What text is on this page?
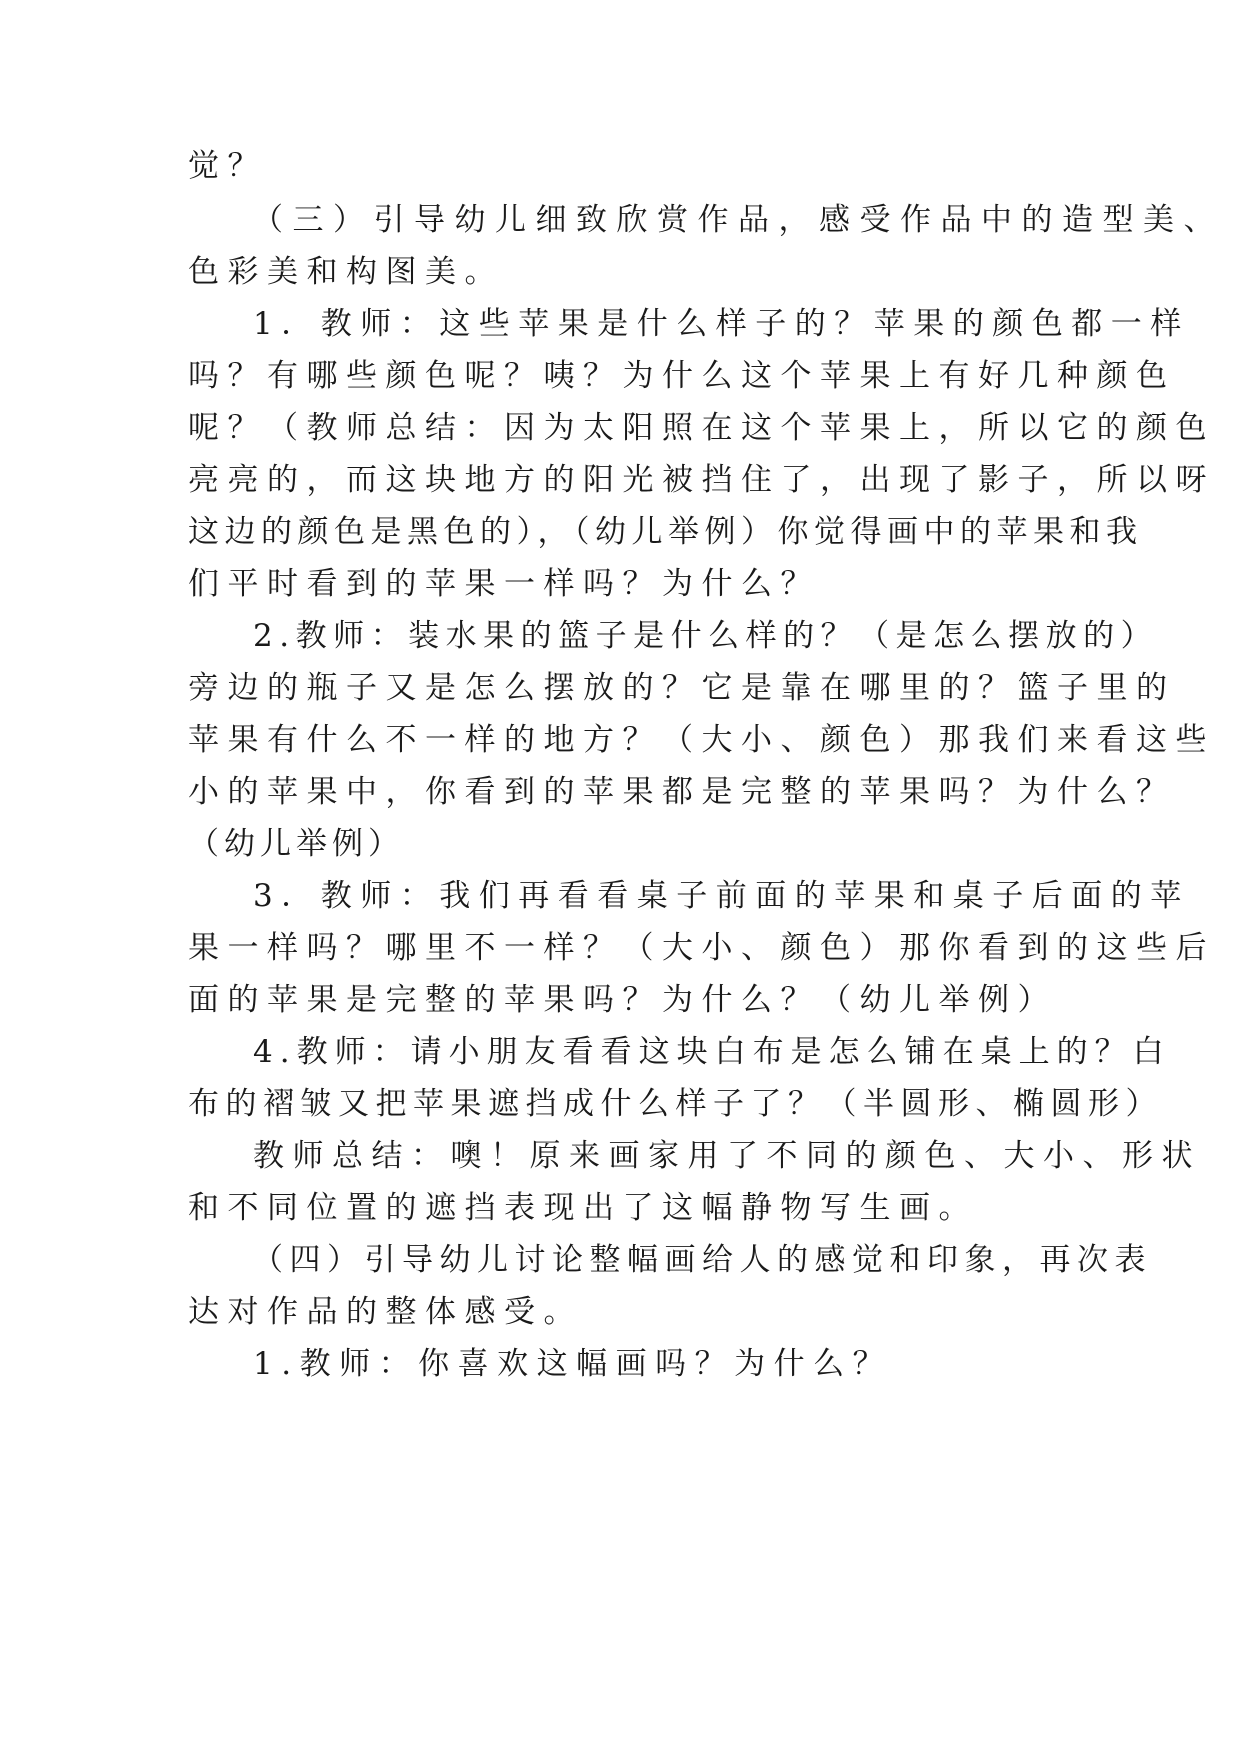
觉？
（三）引导幼儿细致欣赏作品，感受作品中的造型美、
色彩美和构图美。
1．教师：这些苹果是什么样子的？苹果的颜色都一样
吗？有哪些颜色呢？咦？为什么这个苹果上有好几种颜色
呢？（教师总结：因为太阳照在这个苹果上，所以它的颜色
亮亮的，而这块地方的阳光被挡住了，出现了影子，所以呀
这边的颜色是黑色的），（幼儿举例）你觉得画中的苹果和我
们平时看到的苹果一样吗？为什么？
2.教师：装水果的篮子是什么样的？（是怎么摆放的）
旁边的瓶子又是怎么摆放的？它是靠在哪里的？篮子里的
苹果有什么不一样的地方？（大小、颜色）那我们来看这些
小的苹果中，你看到的苹果都是完整的苹果吗？为什么？
（幼儿举例）
3．教师：我们再看看桌子前面的苹果和桌子后面的苹
果一样吗？哪里不一样？（大小、颜色）那你看到的这些后
面的苹果是完整的苹果吗？为什么？（幼儿举例）
4.教师：请小朋友看看这块白布是怎么铺在桌上的？白
布的褶皱又把苹果遮挡成什么样子了？（半圆形、椭圆形）
教师总结：噢！原来画家用了不同的颜色、大小、形状
和不同位置的遮挡表现出了这幅静物写生画。
（四）引导幼儿讨论整幅画给人的感觉和印象，再次表
达对作品的整体感受。
1.教师：你喜欢这幅画吗？为什么？
